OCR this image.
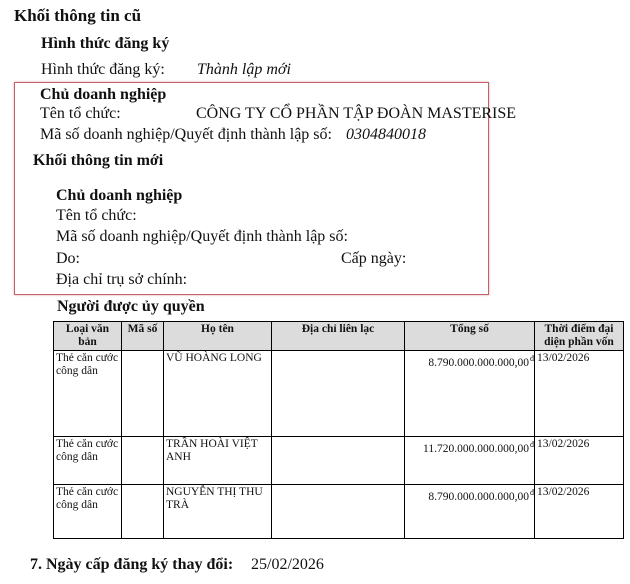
Khối thông tin cũ
Hình thức đăng ký
Hình thức đăng ký: Thành lập mới
Chủ doanh nghiệp
Tên tổ chức:	CÔNG TY CỔ PHẦN TẬP ĐOÀN MASTERISE
Mã số doanh nghiệp/Quyết định thành lập số: 0304840018
Khối thông tin mới
Chủ doanh nghiệp
Tên tổ chức:
Mã số doanh nghiệp/Quyết định thành lập số:
Do:	Cấp ngày:
Địa chỉ trụ sở chính:
Người được ủy quyền
Loại văn bản	Mã số	Họ tên	Địa chỉ liên lạc	Tổng số	Thời điểm đại diện phần vốn
Thẻ căn cước công dân		VŨ HOÀNG LONG		$8.790.000.000.000,00^đ$	13/02/2026
Thẻ căn cước công dân		TRẦN HOÀI VIỆT ANH		$11.720.000.000.000,00^đ$	13/02/2026
Thẻ căn cước công dân		NGUYỄN THỊ THU TRÀ		$8.790.000.000.000,00^đ$	13/02/2026
7. Ngày cấp đăng ký thay đổi: 25/02/2026
